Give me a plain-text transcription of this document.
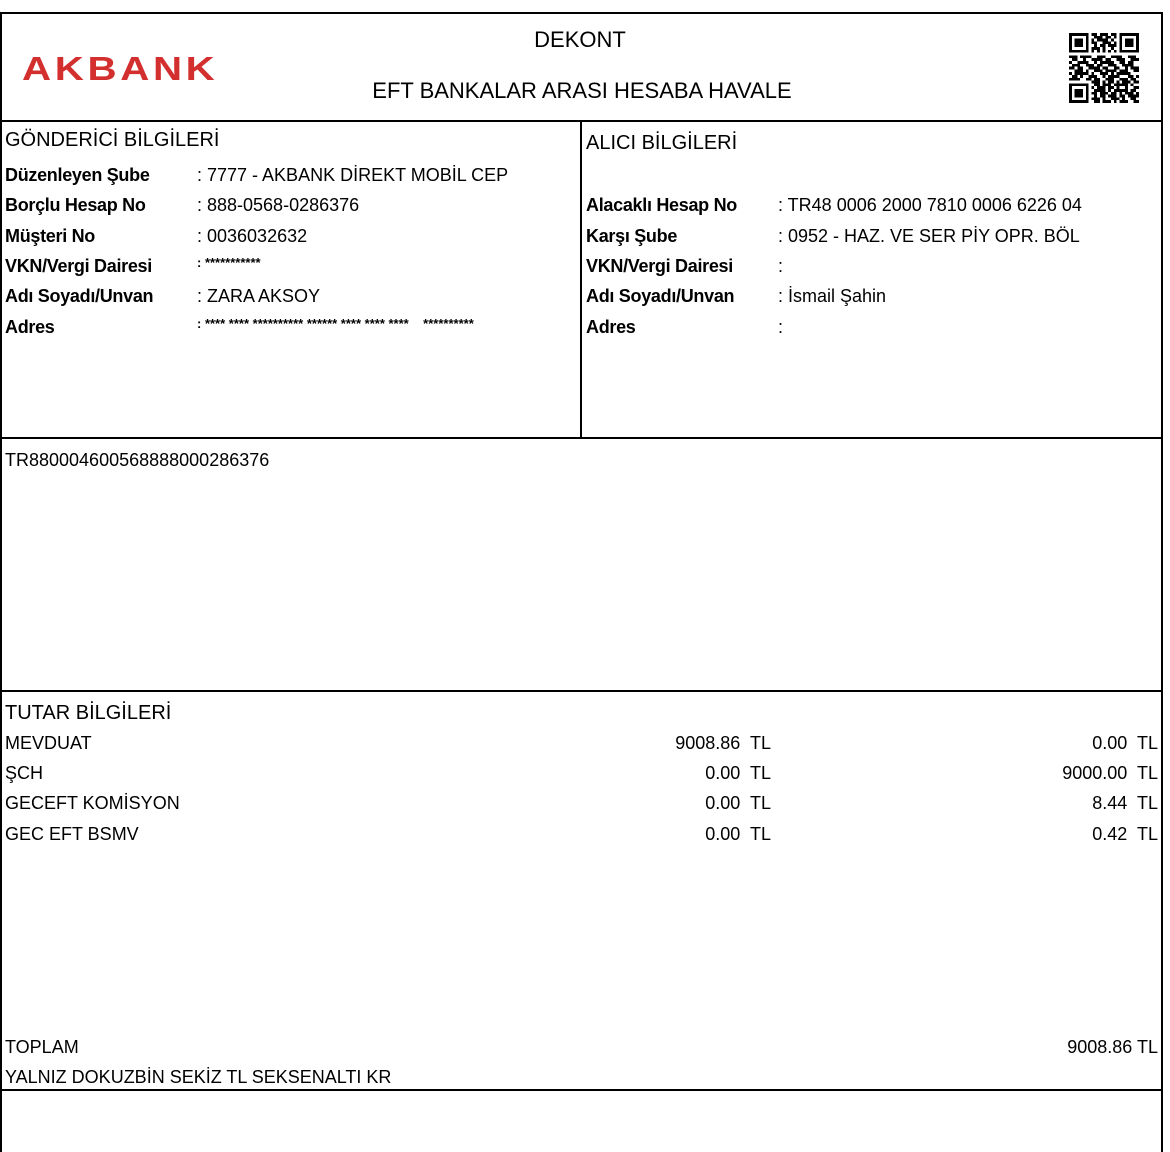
AKBANK
DEKONT
EFT BANKALAR ARASI HESABA HAVALE
GÖNDERİCİ BİLGİLERİ
Düzenleyen Şube	: 7777 - AKBANK DİREKT MOBİL CEP
Borçlu Hesap No	: 888-0568-0286376
Müşteri No	: 0036032632
VKN/Vergi Dairesi	: ***********
Adı Soyadı/Unvan : ZARA AKSOY
Adres	: **** **** ********** ****** **** **** ****    **********
ALICI BİLGİLERİ
Alacaklı Hesap No : TR48 0006 2000 7810 0006 6226 04
Karşı Şube	: 0952 - HAZ. VE SER PİY OPR. BÖL
VKN/Vergi Dairesi	:
Adı Soyadı/Unvan : İsmail Şahin
Adres	:
TR880004600568888000286376
TUTAR BİLGİLERİ
MEVDUAT	9008.86  TL	0.00  TL
ŞCH	0.00  TL	9000.00  TL
GECEFT KOMİSYON	0.00  TL	8.44  TL
GEC EFT BSMV	0.00  TL	0.42  TL
TOPLAM	9008.86 TL
YALNIZ DOKUZBİN SEKİZ TL SEKSENALTI KR
